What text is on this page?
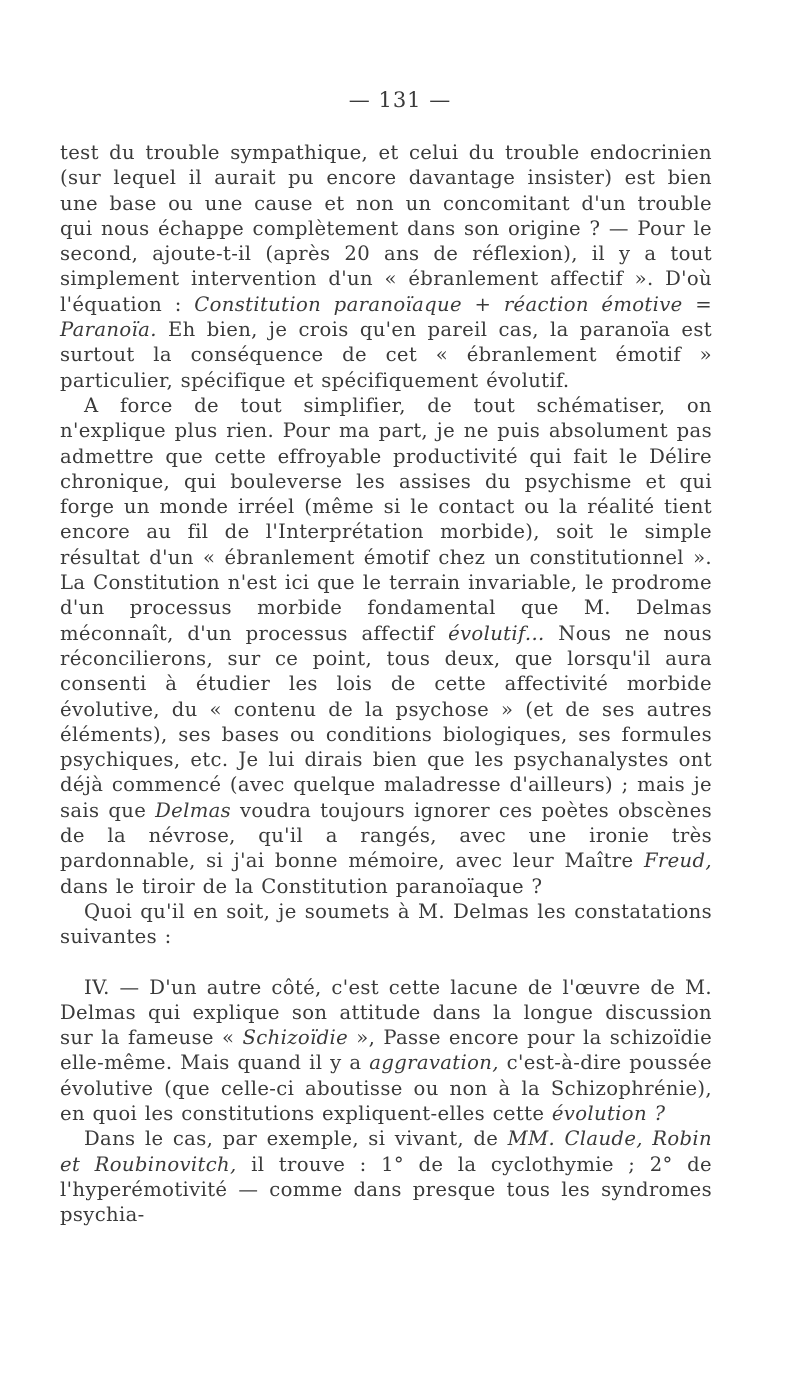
— 131 —

test du trouble sympathique, et celui du trouble endocrinien (sur lequel il aurait pu encore davantage insister) est bien une base ou une cause et non un concomitant d'un trouble qui nous échappe complètement dans son origine ? — Pour le second, ajoute-t-il (après 20 ans de réflexion), il y a tout simplement intervention d'un « ébranlement affectif ». D'où l'équation : Constitution paranoïaque + réaction émotive = Paranoïa. Eh bien, je crois qu'en pareil cas, la paranoïa est surtout la conséquence de cet « ébranlement émotif » particulier, spécifique et spécifiquement évolutif.

A force de tout simplifier, de tout schématiser, on n'explique plus rien. Pour ma part, je ne puis absolument pas admettre que cette effroyable productivité qui fait le Délire chronique, qui bouleverse les assises du psychisme et qui forge un monde irréel (même si le contact ou la réalité tient encore au fil de l'Interprétation morbide), soit le simple résultat d'un « ébranlement émotif chez un constitutionnel ». La Constitution n'est ici que le terrain invariable, le prodrome d'un processus morbide fondamental que M. Delmas méconnaît, d'un processus affectif évolutif... Nous ne nous réconcilierons, sur ce point, tous deux, que lorsqu'il aura consenti à étudier les lois de cette affectivité morbide évolutive, du « contenu de la psychose » (et de ses autres éléments), ses bases ou conditions biologiques, ses formules psychiques, etc. Je lui dirais bien que les psychanalystes ont déjà commencé (avec quelque maladresse d'ailleurs) ; mais je sais que Delmas voudra toujours ignorer ces poètes obscènes de la névrose, qu'il a rangés, avec une ironie très pardonnable, si j'ai bonne mémoire, avec leur Maître Freud, dans le tiroir de la Constitution paranoïaque ?

Quoi qu'il en soit, je soumets à M. Delmas les constatations suivantes :

IV. — D'un autre côté, c'est cette lacune de l'œuvre de M. Delmas qui explique son attitude dans la longue discussion sur la fameuse « Schizoïdie », Passe encore pour la schizoïdie elle-même. Mais quand il y a aggravation, c'est-à-dire poussée évolutive (que celle-ci aboutisse ou non à la Schizophrénie), en quoi les constitutions expliquent-elles cette évolution ?

Dans le cas, par exemple, si vivant, de MM. Claude, Robin et Roubinovitch, il trouve : 1° de la cyclothymie ; 2° de l'hyperémotivité — comme dans presque tous les syndromes psychia-
